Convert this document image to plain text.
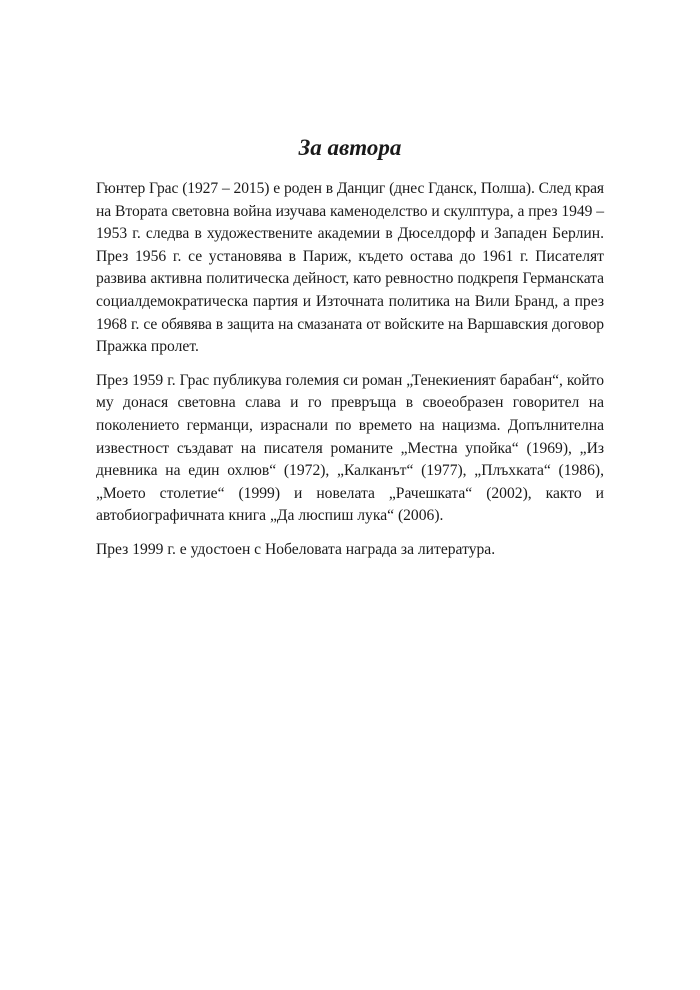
За автора

Гюнтер Грас (1927 – 2015) е роден в Данциг (днес Гданск, Полша). След края
на Втората световна война изучава каменоделство и скулптура, а през 1949 –
1953 г. следва в художествените академии в Дюселдорф и Западен Берлин.
През 1956 г. се установява в Париж, където остава до 1961 г. Писателят
развива активна политическа дейност, като ревностно подкрепя Германската
социалдемократическа партия и Източната политика на Вили Бранд, а през
1968 г. се обявява в защита на смазаната от войските на Варшавския договор
Пражка пролет.

През 1959 г. Грас публикува големия си роман „Тенекиеният барабан“, който
му донася световна слава и го превръща в своеобразен говорител на
поколението германци, израснали по времето на нацизма. Допълнителна
известност създават на писателя романите „Местна упойка“ (1969), „Из
дневника на един охлюв“ (1972), „Калканът“ (1977), „Плъхката“ (1986),
„Моето столетие“ (1999) и новелата „Рачешката“ (2002), както и
автобиографичната книга „Да люспиш лука“ (2006).

През 1999 г. е удостоен с Нобеловата награда за литература.
